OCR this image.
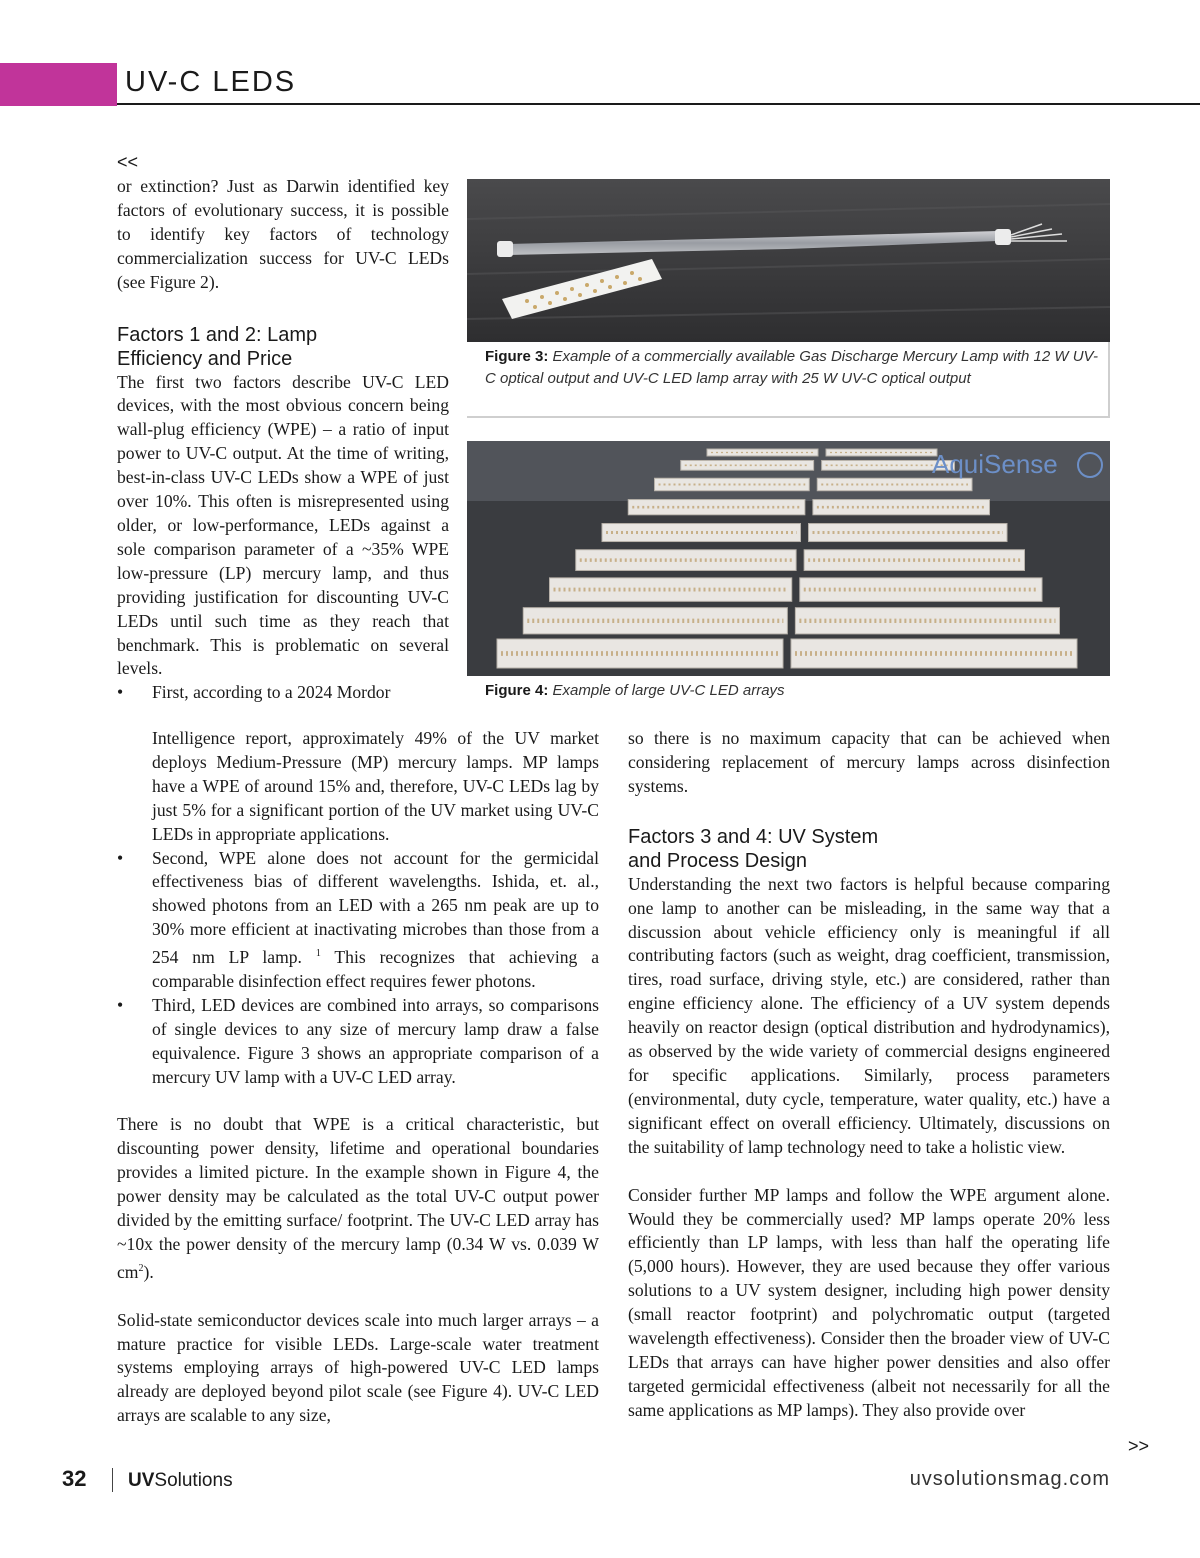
UV-C LEDS
<<

or extinction? Just as Darwin identified key factors of evolutionary success, it is possible to identify key factors of technology commercialization success for UV-C LEDs (see Figure 2).

Factors 1 and 2: Lamp
Efficiency and Price

The first two factors describe UV-C LED devices, with the most obvious concern being wall-plug efficiency (WPE) – a ratio of input power to UV-C output. At the time of writing, best-in-class UV-C LEDs show a WPE of just over 10%. This often is misrepresented using older, or low-performance, LEDs against a sole comparison parameter of a ~35% WPE low-pressure (LP) mercury lamp, and thus providing justification for discounting UV-C LEDs until such time as they reach that benchmark. This is problematic on several levels.

• First, according to a 2024 Mordor
Intelligence report, approximately 49% of the UV market deploys Medium-Pressure (MP) mercury lamps. MP lamps have a WPE of around 15% and, therefore, UV-C LEDs lag by just 5% for a significant portion of the UV market using UV-C LEDs in appropriate applications.
• Second, WPE alone does not account for the germicidal effectiveness bias of different wavelengths. Ishida, et. al., showed photons from an LED with a 265 nm peak are up to 30% more efficient at inactivating microbes than those from a 254 nm LP lamp. $^1$ This recognizes that achieving a comparable disinfection effect requires fewer photons.
• Third, LED devices are combined into arrays, so comparisons of single devices to any size of mercury lamp draw a false equivalence. Figure 3 shows an appropriate comparison of a mercury UV lamp with a UV-C LED array.

There is no doubt that WPE is a critical characteristic, but discounting power density, lifetime and operational boundaries provides a limited picture. In the example shown in Figure 4, the power density may be calculated as the total UV-C output power divided by the emitting surface/ footprint. The UV-C LED array has ~10x the power density of the mercury lamp (0.34 W vs. 0.039 W $cm^2$).

Solid-state semiconductor devices scale into much larger arrays – a mature practice for visible LEDs. Large-scale water treatment systems employing arrays of high-powered UV-C LED lamps already are deployed beyond pilot scale (see Figure 4). UV-C LED arrays are scalable to any size,

so there is no maximum capacity that can be achieved when considering replacement of mercury lamps across disinfection systems.

Factors 3 and 4: UV System
and Process Design

Understanding the next two factors is helpful because comparing one lamp to another can be misleading, in the same way that a discussion about vehicle efficiency only is meaningful if all contributing factors (such as weight, drag coefficient, transmission, tires, road surface, driving style, etc.) are considered, rather than engine efficiency alone. The efficiency of a UV system depends heavily on reactor design (optical distribution and hydrodynamics), as observed by the wide variety of commercial designs engineered for specific applications. Similarly, process parameters (environmental, duty cycle, temperature, water quality, etc.) have a significant effect on overall efficiency. Ultimately, discussions on the suitability of lamp technology need to take a holistic view.

Consider further MP lamps and follow the WPE argument alone. Would they be commercially used? MP lamps operate 20% less efficiently than LP lamps, with less than half the operating life (5,000 hours). However, they are used because they offer various solutions to a UV system designer, including high power density (small reactor footprint) and polychromatic output (targeted wavelength effectiveness). Consider then the broader view of UV-C LEDs that arrays can have higher power densities and also offer targeted germicidal effectiveness (albeit not necessarily for all the same applications as MP lamps). They also provide over

Figure 3: Example of a commercially available Gas Discharge Mercury Lamp with 12 W UV-C optical output and UV-C LED lamp array with 25 W UV-C optical output
AquiSense
Figure 4: Example of large UV-C LED arrays
>>
32 UVSolutions	uvsolutionsmag.com
